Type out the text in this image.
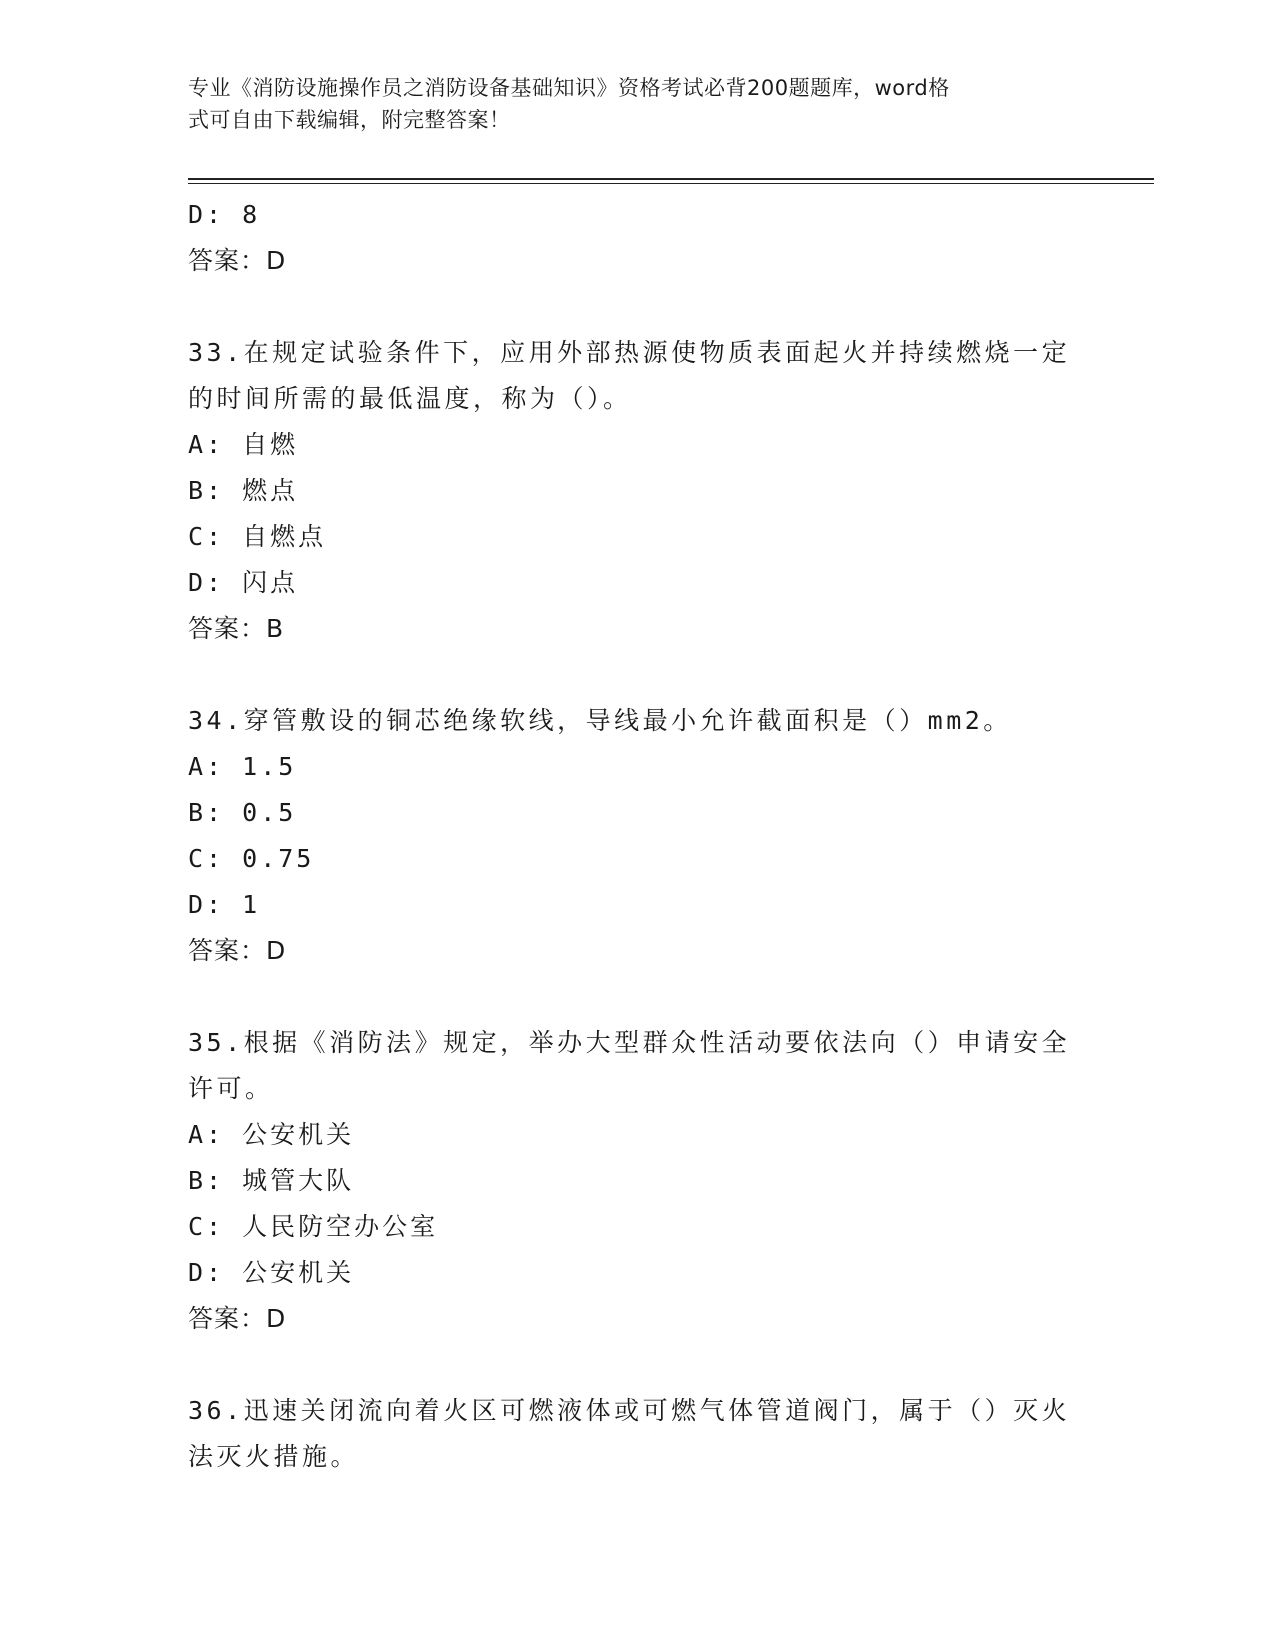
专业《消防设施操作员之消防设备基础知识》资格考试必背200题题库，word格
式可自由下载编辑，附完整答案！
D: 8
答案：D
33.在规定试验条件下，应用外部热源使物质表面起火并持续燃烧一定
的时间所需的最低温度，称为（）。
A: 自燃
B: 燃点
C: 自燃点
D: 闪点
答案：B
34.穿管敷设的铜芯绝缘软线，导线最小允许截面积是（）mm2。
A: 1.5
B: 0.5
C: 0.75
D: 1
答案：D
35.根据《消防法》规定，举办大型群众性活动要依法向（）申请安全
许可。
A: 公安机关
B: 城管大队
C: 人民防空办公室
D: 公安机关
答案：D
36.迅速关闭流向着火区可燃液体或可燃气体管道阀门，属于（）灭火
法灭火措施。
